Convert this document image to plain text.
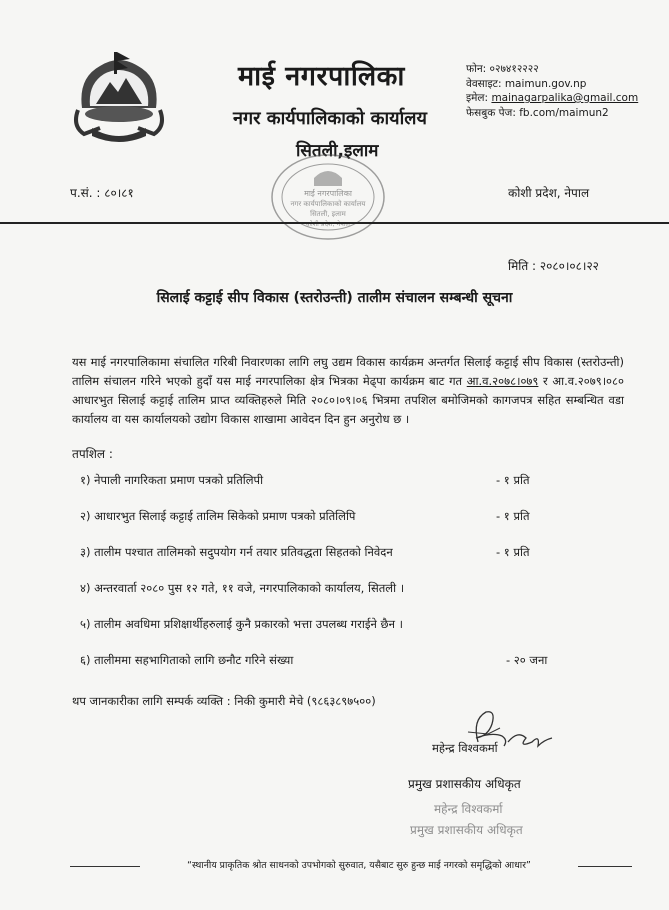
माई नगरपालिका
नगर कार्यपालिकाको कार्यालय
सितली,इलाम
फोन: ०२७४१२२२२
वेवसाइट: maimun.gov.np
इमेल: mainagarpalika@gmail.com
फेसबुक पेज: fb.com/maimun2
प.सं. : ८०।८१	कोशी प्रदेश, नेपाल
माई नगरपालिका
नगर कार्यपालिकाको कार्यालय
सितली, इलाम
कोशी प्रदेश, नेपाल
मिति : २०८०।०८।२२
सिलाई कट्टाई सीप विकास (स्तरोउन्ती) तालीम संचालन सम्बन्धी सूचना
यस माई नगरपालिकामा संचालित गरिबी निवारणका लागि लघु उद्यम विकास कार्यक्रम अन्तर्गत सिलाई कट्टाई सीप विकास (स्तरोउन्ती) तालिम संचालन गरिने भएको हुदाँ यस माई नगरपालिका क्षेत्र भित्रका मेढ्पा कार्यक्रम बाट गत आ.व.२०७८।०७९ र आ.व.२०७९।०८० आधारभुत सिलाई कट्टाई तालिम प्राप्त व्यक्तिहरुले मिति २०८०।०९।०६ भित्रमा तपशिल बमोजिमको कागजपत्र सहित सम्बन्धित वडा कार्यालय वा यस कार्यालयको उद्योग विकास शाखामा आवेदन दिन हुन अनुरोध छ ।
तपशिल :
१) नेपाली नागरिकता प्रमाण पत्रको प्रतिलिपी	- १ प्रति
२) आधारभुत सिलाई कट्टाई तालिम सिकेको प्रमाण पत्रको प्रतिलिपि	- १ प्रति
३) तालीम पश्चात तालिमको सदुपयोग गर्न तयार प्रतिवद्धता सिहतको निवेदन	- १ प्रति
४) अन्तरवार्ता २०८० पुस १२ गते, ११ वजे, नगरपालिकाको कार्यालय, सितली ।
५) तालीम अवधिमा प्रशिक्षार्थीहरुलाई कुनै प्रकारको भत्ता उपलब्ध गराईने छैन ।
६) तालीममा सहभागिताको लागि छनौट गरिने संख्या	- २० जना
थप जानकारीका लागि सम्पर्क व्यक्ति : निकी कुमारी मेचे (९८६३८९७५००)
महेन्द्र विश्वकर्मा
प्रमुख प्रशासकीय अधिकृत
महेन्द्र विश्वकर्मा
प्रमुख प्रशासकीय अधिकृत
“स्थानीय प्राकृतिक श्रोत साधनको उपभोगको सुरुवात, यसैबाट सुरु हुन्छ माई नगरको समृद्धिको आधार”
